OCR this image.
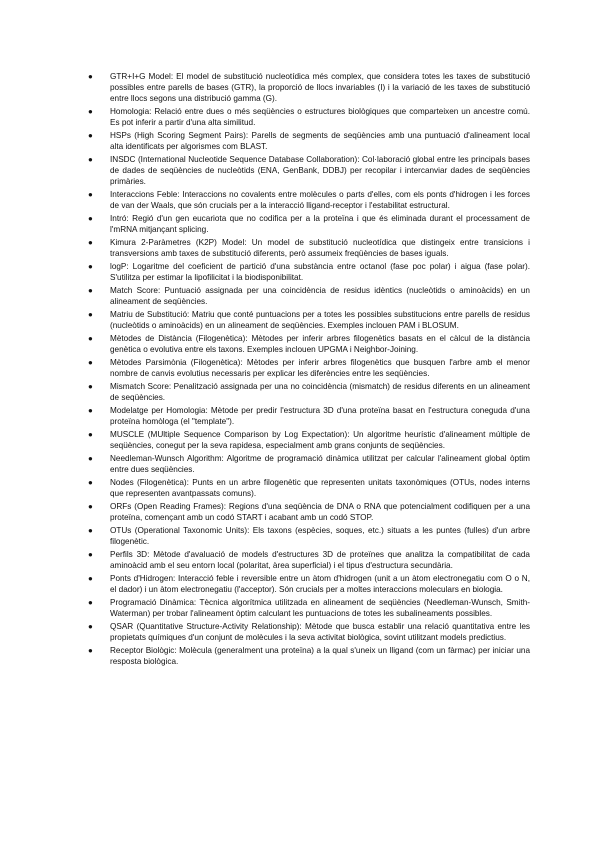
● GTR+I+G Model: El model de substitució nucleotídica més complex, que considera totes les taxes de substitució possibles entre parells de bases (GTR), la proporció de llocs invariables (I) i la variació de les taxes de substitució entre llocs segons una distribució gamma (G).
● Homologia: Relació entre dues o més seqüències o estructures biològiques que comparteixen un ancestre comú. Es pot inferir a partir d'una alta similitud.
● HSPs (High Scoring Segment Pairs): Parells de segments de seqüències amb una puntuació d'alineament local alta identificats per algorismes com BLAST.
● INSDC (International Nucleotide Sequence Database Collaboration): Col·laboració global entre les principals bases de dades de seqüències de nucleòtids (ENA, GenBank, DDBJ) per recopilar i intercanviar dades de seqüències primàries.
● Interaccions Feble: Interaccions no covalents entre molècules o parts d'elles, com els ponts d'hidrogen i les forces de van der Waals, que són crucials per a la interacció lligand-receptor i l'estabilitat estructural.
● Intró: Regió d'un gen eucariota que no codifica per a la proteïna i que és eliminada durant el processament de l'mRNA mitjançant splicing.
● Kimura 2-Paràmetres (K2P) Model: Un model de substitució nucleotídica que distingeix entre transicions i transversions amb taxes de substitució diferents, però assumeix freqüències de bases iguals.
● logP: Logaritme del coeficient de partició d'una substància entre octanol (fase poc polar) i aigua (fase polar). S'utilitza per estimar la lipofilicitat i la biodisponibilitat.
● Match Score: Puntuació assignada per una coincidència de residus idèntics (nucleòtids o aminoàcids) en un alineament de seqüències.
● Matriu de Substitució: Matriu que conté puntuacions per a totes les possibles substitucions entre parells de residus (nucleòtids o aminoàcids) en un alineament de seqüències. Exemples inclouen PAM i BLOSUM.
● Mètodes de Distància (Filogenètica): Mètodes per inferir arbres filogenètics basats en el càlcul de la distància genètica o evolutiva entre els taxons. Exemples inclouen UPGMA i Neighbor-Joining.
● Mètodes Parsimònia (Filogenètica): Mètodes per inferir arbres filogenètics que busquen l'arbre amb el menor nombre de canvis evolutius necessaris per explicar les diferències entre les seqüències.
● Mismatch Score: Penalització assignada per una no coincidència (mismatch) de residus diferents en un alineament de seqüències.
● Modelatge per Homologia: Mètode per predir l'estructura 3D d'una proteïna basat en l'estructura coneguda d'una proteïna homòloga (el "template").
● MUSCLE (MUltiple Sequence Comparison by Log Expectation): Un algoritme heurístic d'alineament múltiple de seqüències, conegut per la seva rapidesa, especialment amb grans conjunts de seqüències.
● Needleman-Wunsch Algorithm: Algoritme de programació dinàmica utilitzat per calcular l'alineament global òptim entre dues seqüències.
● Nodes (Filogenètica): Punts en un arbre filogenètic que representen unitats taxonòmiques (OTUs, nodes interns que representen avantpassats comuns).
● ORFs (Open Reading Frames): Regions d'una seqüència de DNA o RNA que potencialment codifiquen per a una proteïna, començant amb un codó START i acabant amb un codó STOP.
● OTUs (Operational Taxonomic Units): Els taxons (espècies, soques, etc.) situats a les puntes (fulles) d'un arbre filogenètic.
● Perfils 3D: Mètode d'avaluació de models d'estructures 3D de proteïnes que analitza la compatibilitat de cada aminoàcid amb el seu entorn local (polaritat, àrea superficial) i el tipus d'estructura secundària.
● Ponts d'Hidrogen: Interacció feble i reversible entre un àtom d'hidrogen (unit a un àtom electronegatiu com O o N, el dador) i un àtom electronegatiu (l'acceptor). Són crucials per a moltes interaccions moleculars en biologia.
● Programació Dinàmica: Tècnica algorítmica utilitzada en alineament de seqüències (Needleman-Wunsch, Smith-Waterman) per trobar l'alineament òptim calculant les puntuacions de totes les subalineaments possibles.
● QSAR (Quantitative Structure-Activity Relationship): Mètode que busca establir una relació quantitativa entre les propietats químiques d'un conjunt de molècules i la seva activitat biològica, sovint utilitzant models predictius.
● Receptor Biològic: Molècula (generalment una proteïna) a la qual s'uneix un lligand (com un fàrmac) per iniciar una resposta biològica.
